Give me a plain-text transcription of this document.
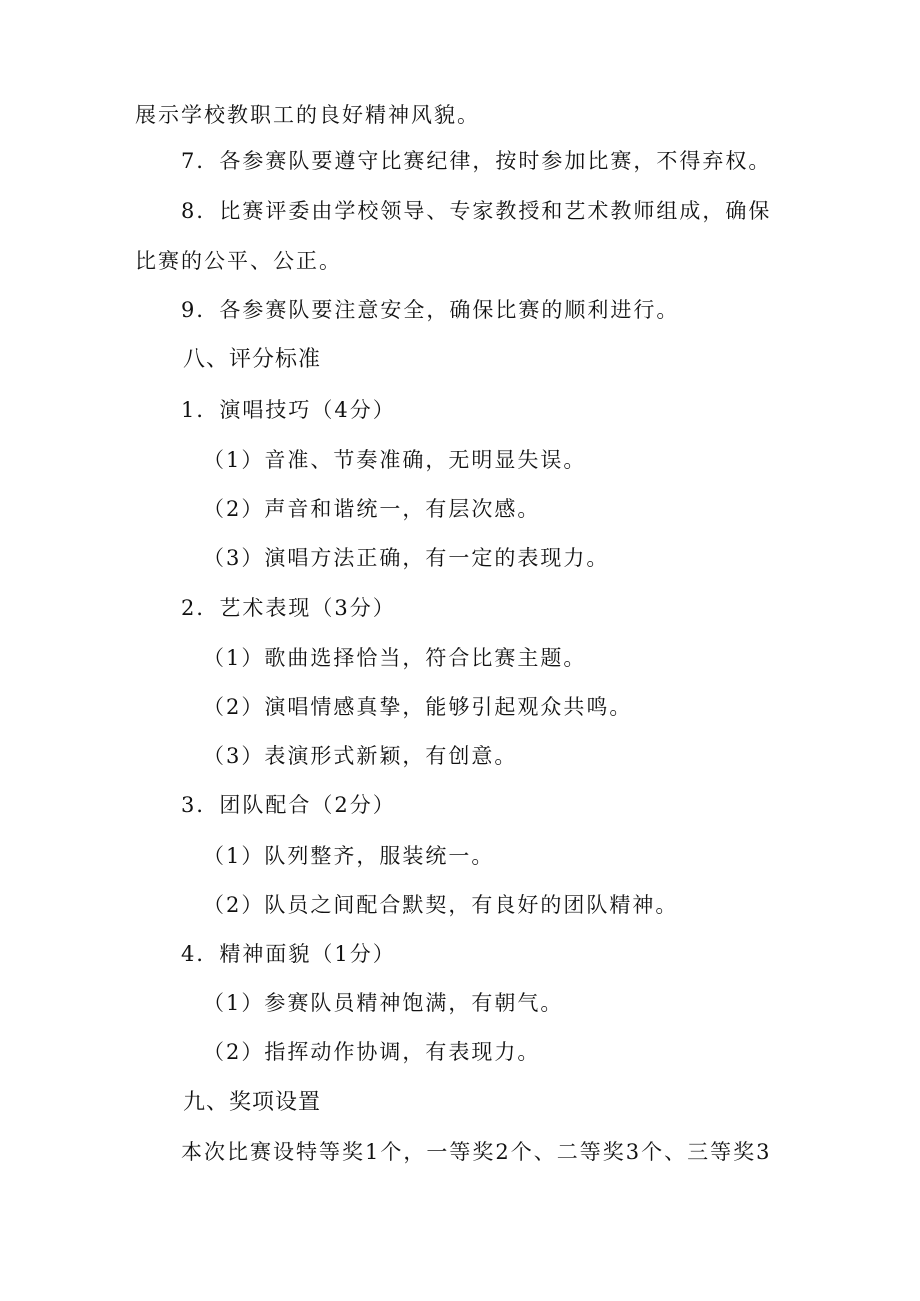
展示学校教职工的良好精神风貌。
7．各参赛队要遵守比赛纪律，按时参加比赛，不得弃权。
8．比赛评委由学校领导、专家教授和艺术教师组成，确保
比赛的公平、公正。
9．各参赛队要注意安全，确保比赛的顺利进行。
八、评分标准
1．演唱技巧（4分）
（1）音准、节奏准确，无明显失误。
（2）声音和谐统一，有层次感。
（3）演唱方法正确，有一定的表现力。
2．艺术表现（3分）
（1）歌曲选择恰当，符合比赛主题。
（2）演唱情感真挚，能够引起观众共鸣。
（3）表演形式新颖，有创意。
3．团队配合（2分）
（1）队列整齐，服装统一。
（2）队员之间配合默契，有良好的团队精神。
4．精神面貌（1分）
（1）参赛队员精神饱满，有朝气。
（2）指挥动作协调，有表现力。
九、奖项设置
本次比赛设特等奖1个，一等奖2个、二等奖3个、三等奖3
